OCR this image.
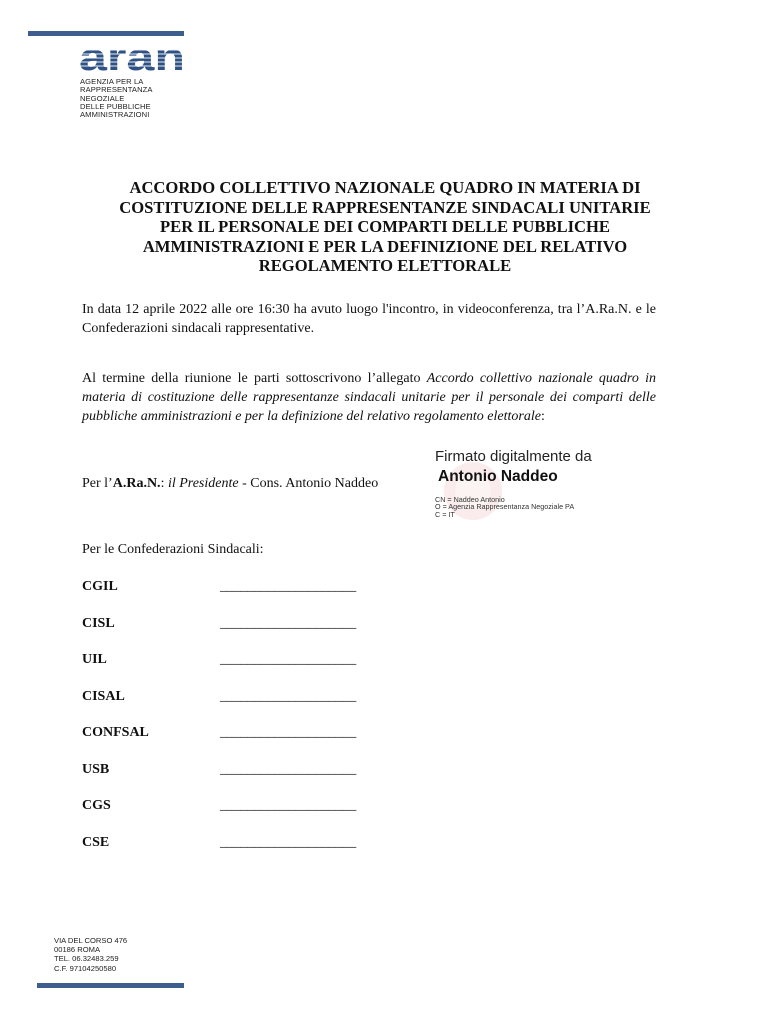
aran
AGENZIA PER LA
RAPPRESENTANZA
NEGOZIALE
DELLE PUBBLICHE
AMMINISTRAZIONI
ACCORDO COLLETTIVO NAZIONALE QUADRO IN MATERIA DI
COSTITUZIONE DELLE RAPPRESENTANZE SINDACALI UNITARIE
PER IL PERSONALE DEI COMPARTI DELLE PUBBLICHE
AMMINISTRAZIONI E PER LA DEFINIZIONE DEL RELATIVO
REGOLAMENTO ELETTORALE

In data 12 aprile 2022 alle ore 16:30 ha avuto luogo l'incontro, in videoconferenza, tra l’A.Ra.N. e le Confederazioni sindacali rappresentative.

Al termine della riunione le parti sottoscrivono l’allegato Accordo collettivo nazionale quadro in materia di costituzione delle rappresentanze sindacali unitarie per il personale dei comparti delle pubbliche amministrazioni e per la definizione del relativo regolamento elettorale:

Per l’A.Ra.N.: il Presidente - Cons. Antonio Naddeo

Firmato digitalmente da
Antonio Naddeo
CN = Naddeo Antonio
O = Agenzia Rappresentanza Negoziale PA
C = IT

Per le Confederazioni Sindacali:

CGIL	____________________
CISL	____________________
UIL	____________________
CISAL	____________________
CONFSAL	____________________
USB	____________________
CGS	____________________
CSE	____________________
VIA DEL CORSO 476
00186 ROMA
TEL. 06.32483.259
C.F. 97104250580
